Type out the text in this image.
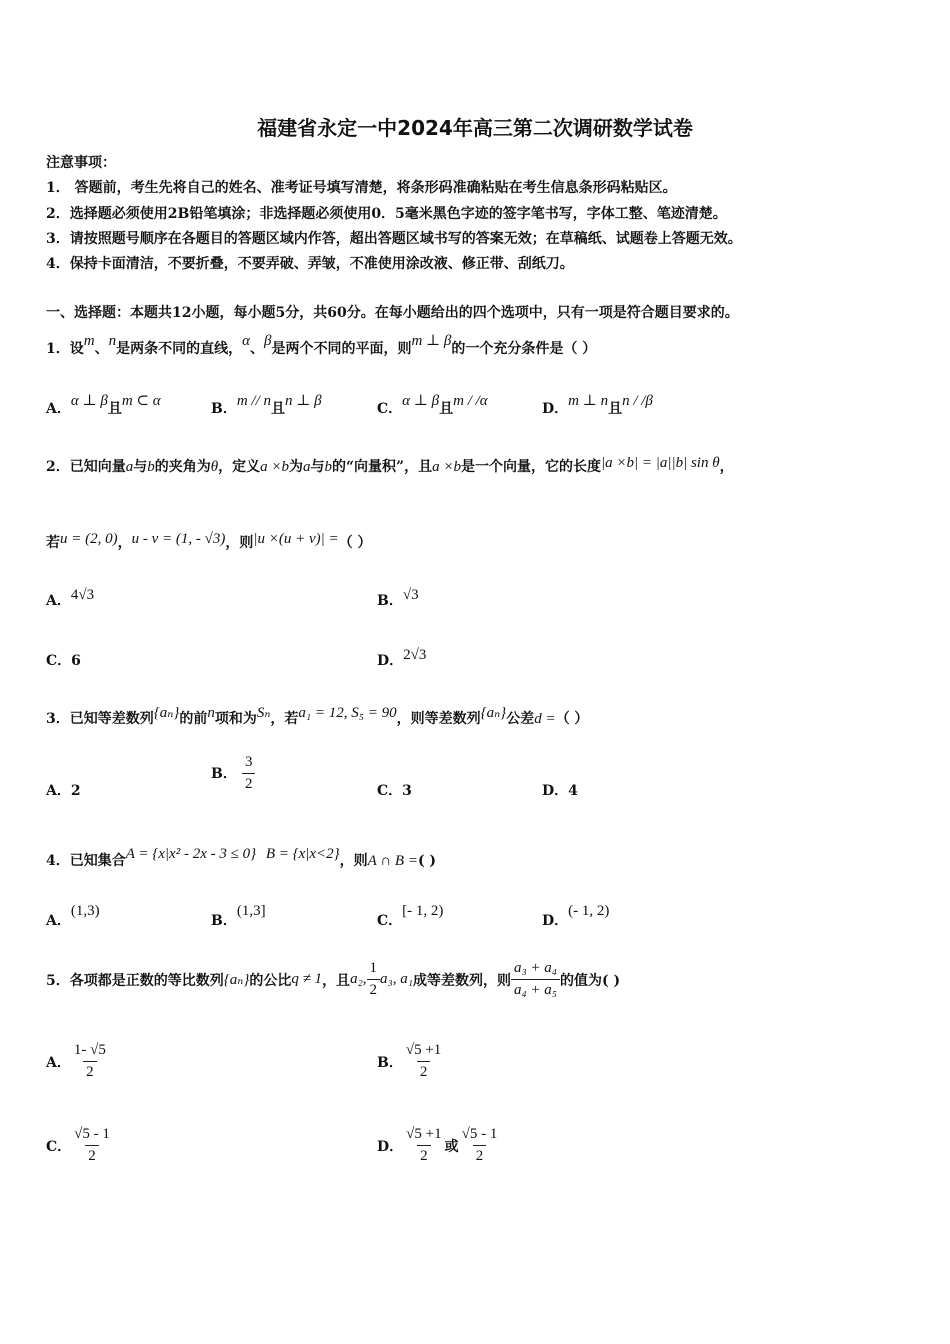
福建省永定一中2024年高三第二次调研数学试卷
注意事项：
1． 答题前，考生先将自己的姓名、准考证号填写清楚，将条形码准确粘贴在考生信息条形码粘贴区。
2．选择题必须使用2B铅笔填涂；非选择题必须使用0．5毫米黑色字迹的签字笔书写，字体工整、笔迹清楚。
3．请按照题号顺序在各题目的答题区域内作答，超出答题区域书写的答案无效；在草稿纸、试题卷上答题无效。
4．保持卡面清洁，不要折叠，不要弄破、弄皱，不准使用涂改液、修正带、刮纸刀。
一、选择题：本题共12小题，每小题5分，共60分。在每小题给出的四个选项中，只有一项是符合题目要求的。
1．设m、n是两条不同的直线，α、β是两个不同的平面，则m ⊥ β的一个充分条件是（ ）
A．α ⊥ β且m ⊂ α	B．m // n且n ⊥ β	C．α ⊥ β且m / /α	D．m ⊥ n且n / /β
2．已知向量a与b的夹角为θ，定义a ×b为a与b的“向量积”，且a ×b是一个向量，它的长度|a ×b| = |a||b| sin θ，
若u = (2, 0)，u - v = (1, - √3)，则|u ×(u + v)| =（ ）
A．4√3	B．√3
C．6	D．2√3
3．已知等差数列{aₙ}的前n项和为Sₙ，若a₁ = 12, S₅ = 90，则等差数列{aₙ}公差d =（ ）
A．2
B． $\frac{3}{2}$	C．3	D．4
4．已知集合A = {x|x² - 2x - 3 ≤ 0} B = {x|x<2}，则A ∩ B =( )
A．(1,3)
B．(1,3]
C．[- 1, 2)
D．(- 1, 2)
5．各项都是正数的等比数列 {aₙ} 的公比 q ≠ 1 ，且 a₂, $\frac{1}{2} a_3$, a₁ 成等差数列，则 $\frac{\text{a₃ + a₄}}{\text{a₄ + a₅}}$ 的值为( )
A． $\frac{1- √5}{2}$	B． $\frac{√5 +1}{2}$
C． $\frac{√5 - 1}{2}$	D． $\frac{√5 +1}{2}$ 或 $\frac{√5 - 1}{2}$
